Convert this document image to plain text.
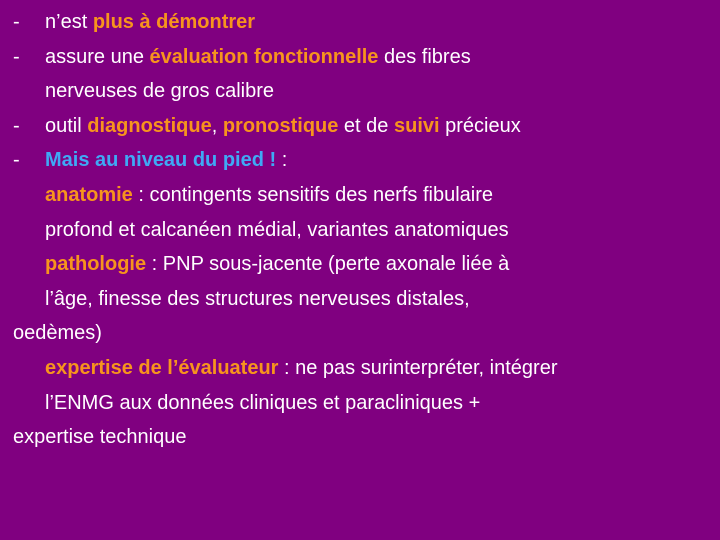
- n’est plus à démontrer
- assure une évaluation fonctionnelle des fibres
nerveuses de gros calibre
- outil diagnostique, pronostique et de suivi précieux
- Mais au niveau du pied ! :
anatomie : contingents sensitifs des nerfs fibulaire
profond et calcanéen médial, variantes anatomiques
pathologie : PNP sous-jacente (perte axonale liée à
l’âge, finesse des structures nerveuses distales,
oedèmes)
expertise de l’évaluateur : ne pas surinterpréter, intégrer
l’ENMG aux données cliniques et paracliniques +
expertise technique
